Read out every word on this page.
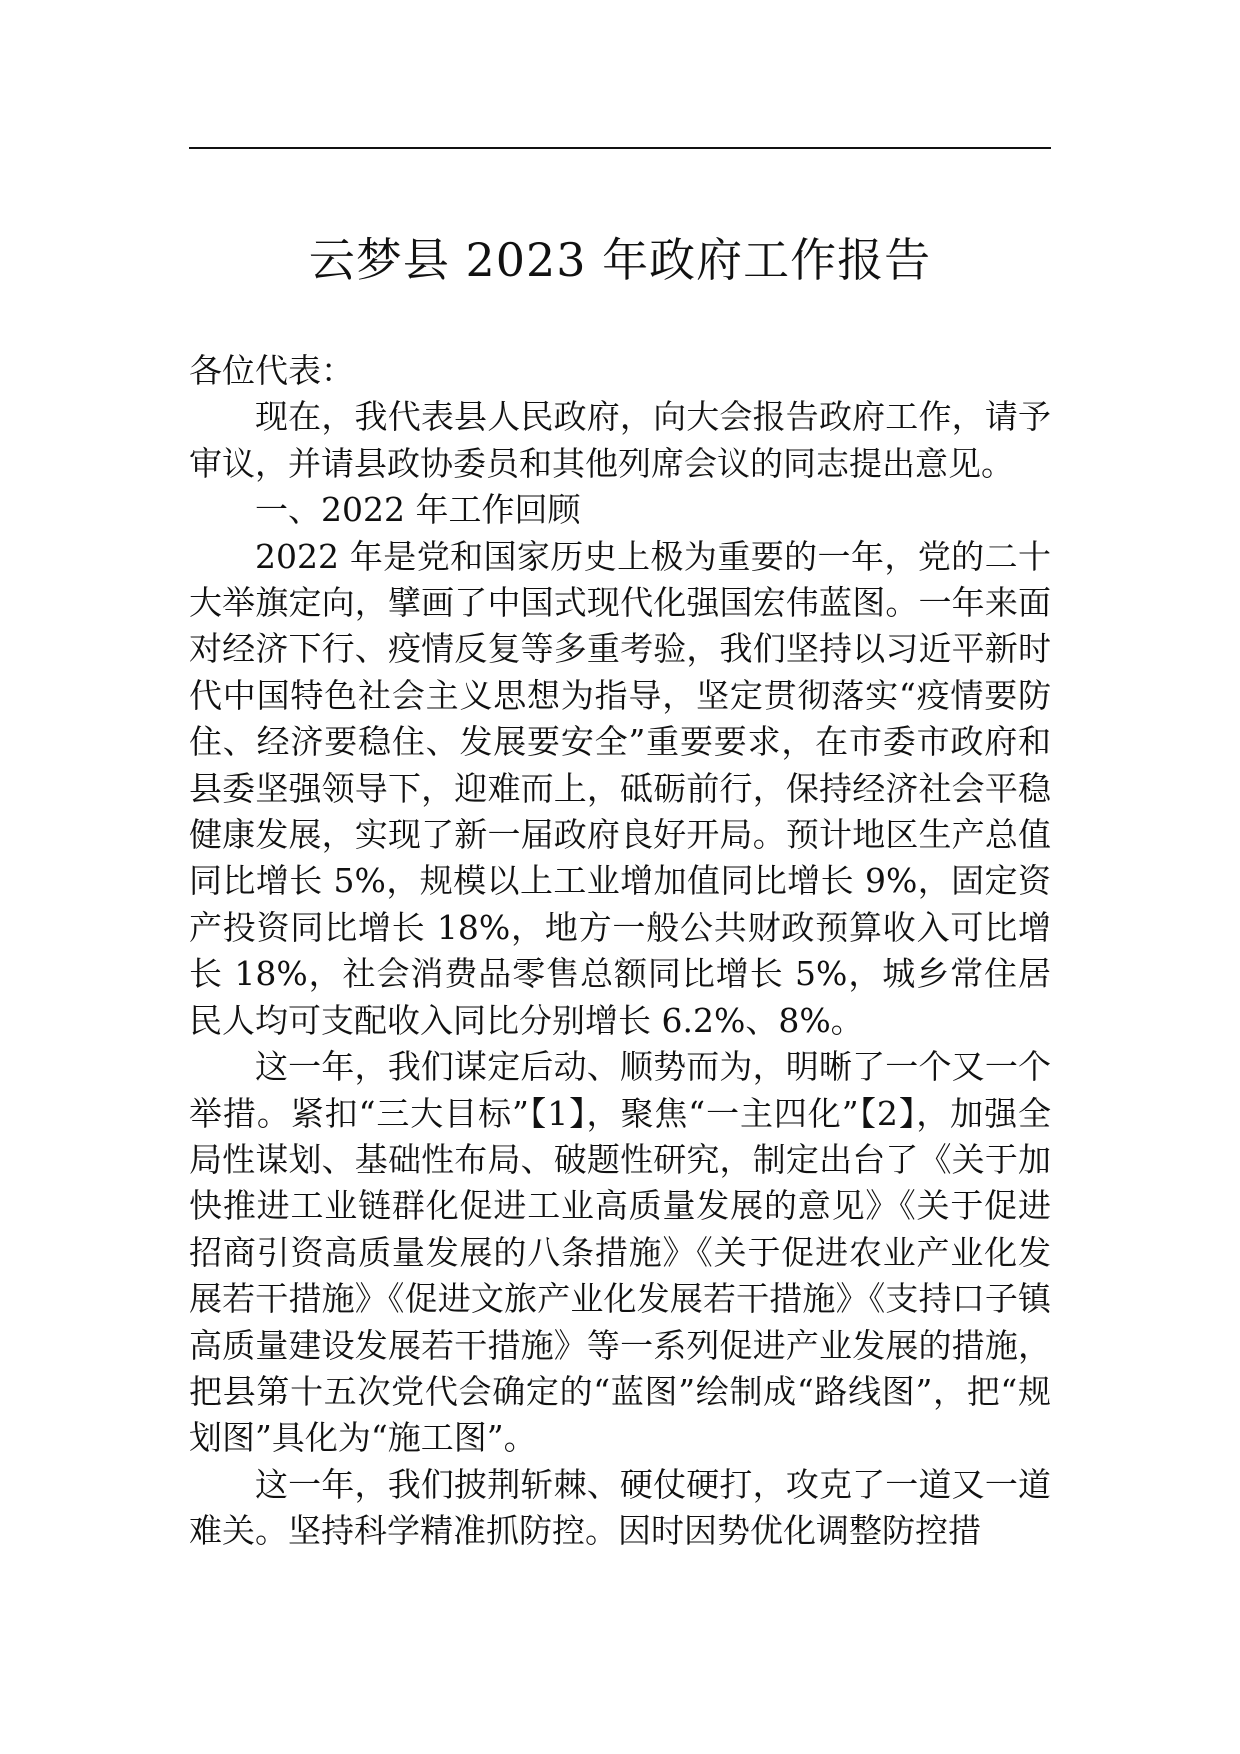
云梦县 2023 年政府工作报告

各位代表：

现在，我代表县人民政府，向大会报告政府工作，请予审议，并请县政协委员和其他列席会议的同志提出意见。

一、2022 年工作回顾

2022 年是党和国家历史上极为重要的一年，党的二十大举旗定向，擘画了中国式现代化强国宏伟蓝图。一年来面对经济下行、疫情反复等多重考验，我们坚持以习近平新时代中国特色社会主义思想为指导，坚定贯彻落实“疫情要防住、经济要稳住、发展要安全”重要要求，在市委市政府和县委坚强领导下，迎难而上，砥砺前行，保持经济社会平稳健康发展，实现了新一届政府良好开局。预计地区生产总值同比增长 5%，规模以上工业增加值同比增长 9%，固定资产投资同比增长 18%，地方一般公共财政预算收入可比增长 18%，社会消费品零售总额同比增长 5%，城乡常住居民人均可支配收入同比分别增长 6.2%、8%。

这一年，我们谋定后动、顺势而为，明晰了一个又一个举措。紧扣“三大目标”【1】，聚焦“一主四化”【2】，加强全局性谋划、基础性布局、破题性研究，制定出台了《关于加快推进工业链群化促进工业高质量发展的意见》《关于促进招商引资高质量发展的八条措施》《关于促进农业产业化发展若干措施》《促进文旅产业化发展若干措施》《支持口子镇高质量建设发展若干措施》等一系列促进产业发展的措施，把县第十五次党代会确定的“蓝图”绘制成“路线图”，把“规划图”具化为“施工图”。

这一年，我们披荆斩棘、硬仗硬打，攻克了一道又一道难关。坚持科学精准抓防控。因时因势优化调整防控措
